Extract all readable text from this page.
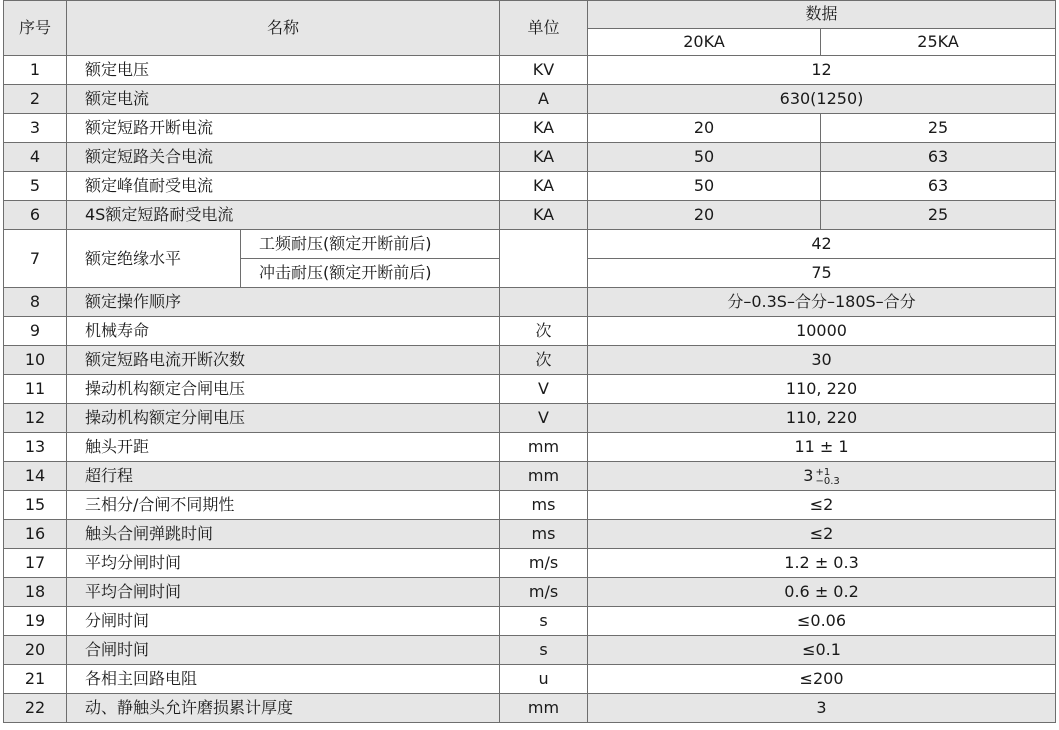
序号	名称		单位	数据	
				20KA	25KA
1	额定电压		KV	12	
2	额定电流		A	630(1250)	
3	额定短路开断电流		KA	20	25
4	额定短路关合电流		KA	50	63
5	额定峰值耐受电流		KA	50	63
6	4S额定短路耐受电流		KA	20	25
7	额定绝缘水平	工频耐压(额定开断前后)		42	
		冲击耐压(额定开断前后)		75	
8	额定操作顺序			分–0.3S–合分–180S–合分	
9	机械寿命		次	10000	
10	额定短路电流开断次数		次	30	
11	操动机构额定合闸电压		V	110, 220	
12	操动机构额定分闸电压		V	110, 220	
13	触头开距		mm	11 ± 1	
14	超行程		mm	3 +1
−0.3	

15	三相分/合闸不同期性		ms	≤2	
16	触头合闸弹跳时间		ms	≤2	
17	平均分闸时间		m/s	1.2 ± 0.3	
18	平均合闸时间		m/s	0.6 ± 0.2	
19	分闸时间		s	≤0.06	
20	合闸时间		s	≤0.1	
21	各相主回路电阻		u	≤200	
22	动、静触头允许磨损累计厚度		mm	3	
